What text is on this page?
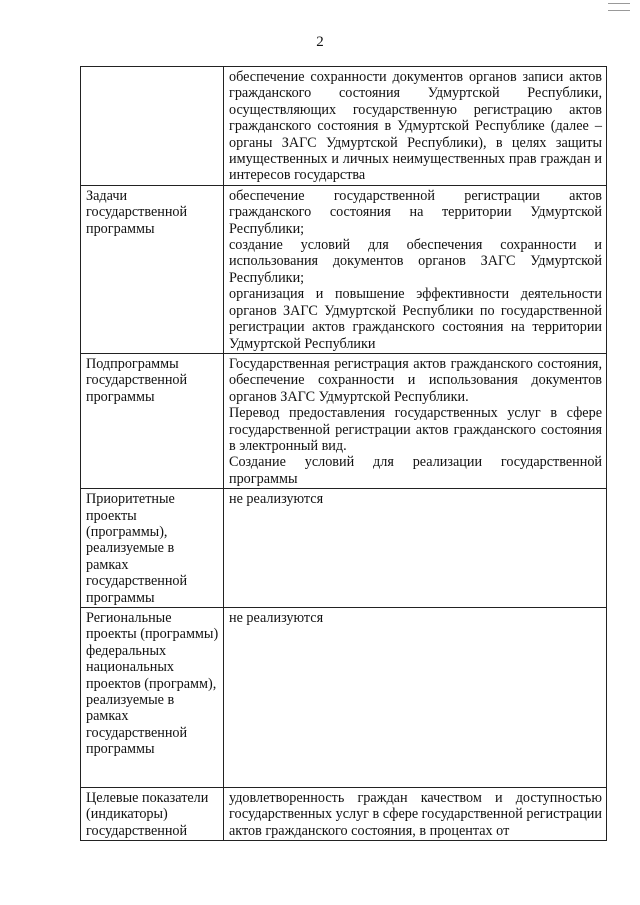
2

	обеспечение сохранности документов органов записи актов гражданского состояния Удмуртской Республики, осуществляющих государственную регистрацию актов гражданского состояния в Удмуртской Республике (далее – органы ЗАГС Удмуртской Республики), в целях защиты имущественных и личных неимущественных прав граждан и интересов государства

Задачи государственной программы	обеспечение государственной регистрации актов гражданского состояния на территории Удмуртской Республики;

создание условий для обеспечения сохранности и использования документов органов ЗАГС Удмуртской Республики;

организация и повышение эффективности деятельности органов ЗАГС Удмуртской Республики по государственной регистрации актов гражданского состояния на территории Удмуртской Республики

Подпрограммы государственной программы	Государственная регистрация актов гражданского состояния, обеспечение сохранности и использования документов органов ЗАГС Удмуртской Республики.

Перевод предоставления государственных услуг в сфере государственной регистрации актов гражданского состояния в электронный вид.

Создание условий для реализации государственной программы

Приоритетные проекты (программы), реализуемые в рамках государственной программы	не реализуются

Региональные проекты (программы) федеральных национальных проектов (программ), реализуемые в рамках государственной программы	не реализуются

Целевые показатели (индикаторы) государственной	удовлетворенность граждан качеством и доступностью государственных услуг в сфере государственной регистрации актов гражданского состояния, в процентах от
